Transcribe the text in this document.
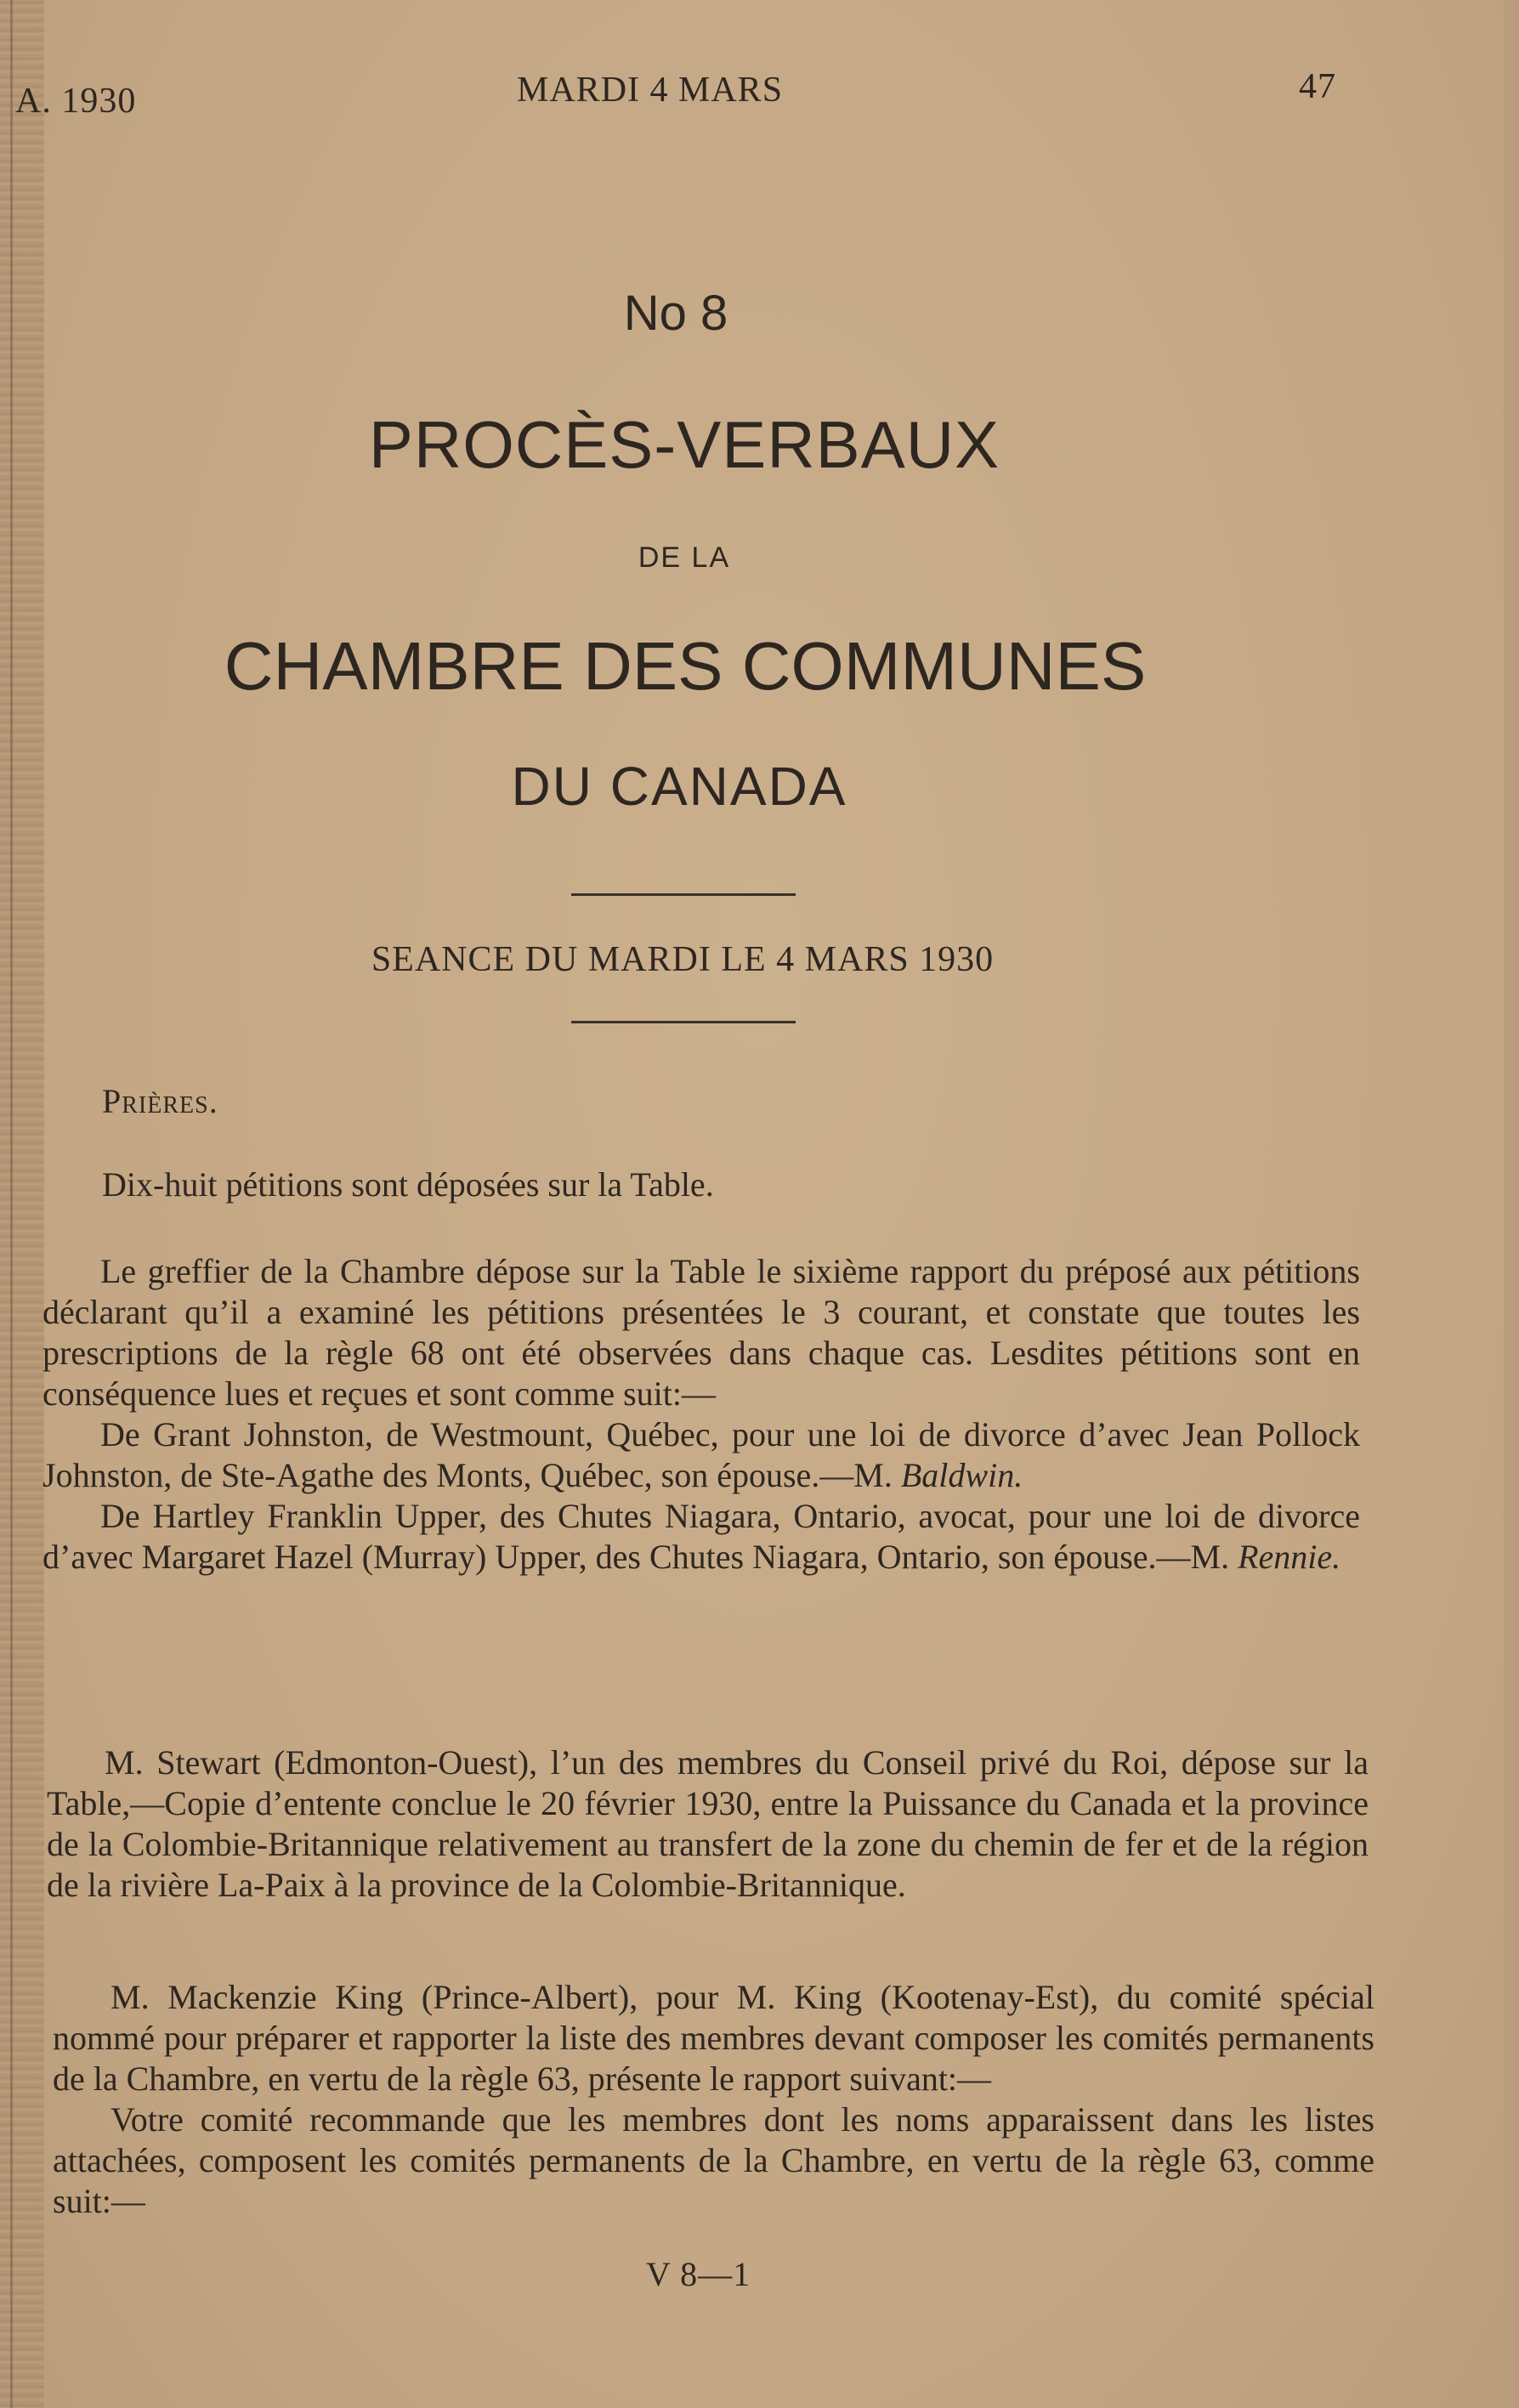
A. 1930	MARDI 4 MARS	47

No 8

PROCÈS-VERBAUX

DE LA

CHAMBRE DES COMMUNES

DU CANADA

SEANCE DU MARDI LE 4 MARS 1930

Prières.

Dix-huit pétitions sont déposées sur la Table.

Le greffier de la Chambre dépose sur la Table le sixième rapport du préposé aux pétitions déclarant qu’il a examiné les pétitions présentées le 3 courant, et constate que toutes les prescriptions de la règle 68 ont été observées dans chaque cas. Lesdites pétitions sont en conséquence lues et reçues et sont comme suit:—

De Grant Johnston, de Westmount, Québec, pour une loi de divorce d’avec Jean Pollock Johnston, de Ste-Agathe des Monts, Québec, son épouse.—M. Baldwin.

De Hartley Franklin Upper, des Chutes Niagara, Ontario, avocat, pour une loi de divorce d’avec Margaret Hazel (Murray) Upper, des Chutes Niagara, Ontario, son épouse.—M. Rennie.

M. Stewart (Edmonton-Ouest), l’un des membres du Conseil privé du Roi, dépose sur la Table,—Copie d’entente conclue le 20 février 1930, entre la Puissance du Canada et la province de la Colombie-Britannique relativement au transfert de la zone du chemin de fer et de la région de la rivière La-Paix à la province de la Colombie-Britannique.

M. Mackenzie King (Prince-Albert), pour M. King (Kootenay-Est), du comité spécial nommé pour préparer et rapporter la liste des membres devant composer les comités permanents de la Chambre, en vertu de la règle 63, présente le rapport suivant:—

Votre comité recommande que les membres dont les noms apparaissent dans les listes attachées, composent les comités permanents de la Chambre, en vertu de la règle 63, comme suit:—

V 8—1
